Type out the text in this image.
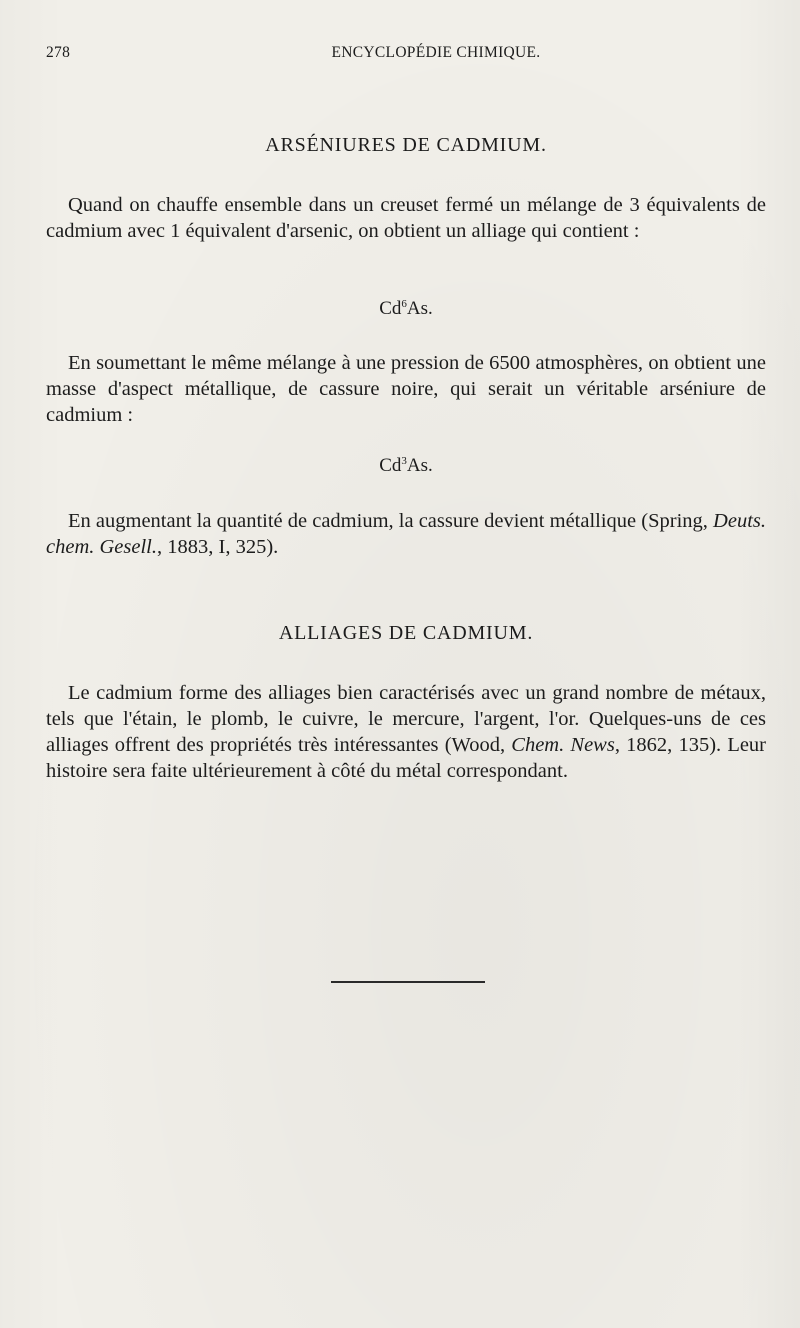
278	ENCYCLOPÉDIE CHIMIQUE.
ARSÉNIURES DE CADMIUM.

Quand on chauffe ensemble dans un creuset fermé un mélange de 3 équivalents de cadmium avec 1 équivalent d'arsenic, on obtient un alliage qui contient :

Cd$^6$As.

En soumettant le même mélange à une pression de 6500 atmosphères, on obtient une masse d'aspect métallique, de cassure noire, qui serait un véritable arséniure de cadmium :

Cd$^3$As.

En augmentant la quantité de cadmium, la cassure devient métallique (Spring, Deuts. chem. Gesell., 1883, I, 325).

ALLIAGES DE CADMIUM.

Le cadmium forme des alliages bien caractérisés avec un grand nombre de métaux, tels que l'étain, le plomb, le cuivre, le mercure, l'argent, l'or. Quelques-uns de ces alliages offrent des propriétés très intéressantes (Wood, Chem. News, 1862, 135). Leur histoire sera faite ultérieurement à côté du métal correspondant.
